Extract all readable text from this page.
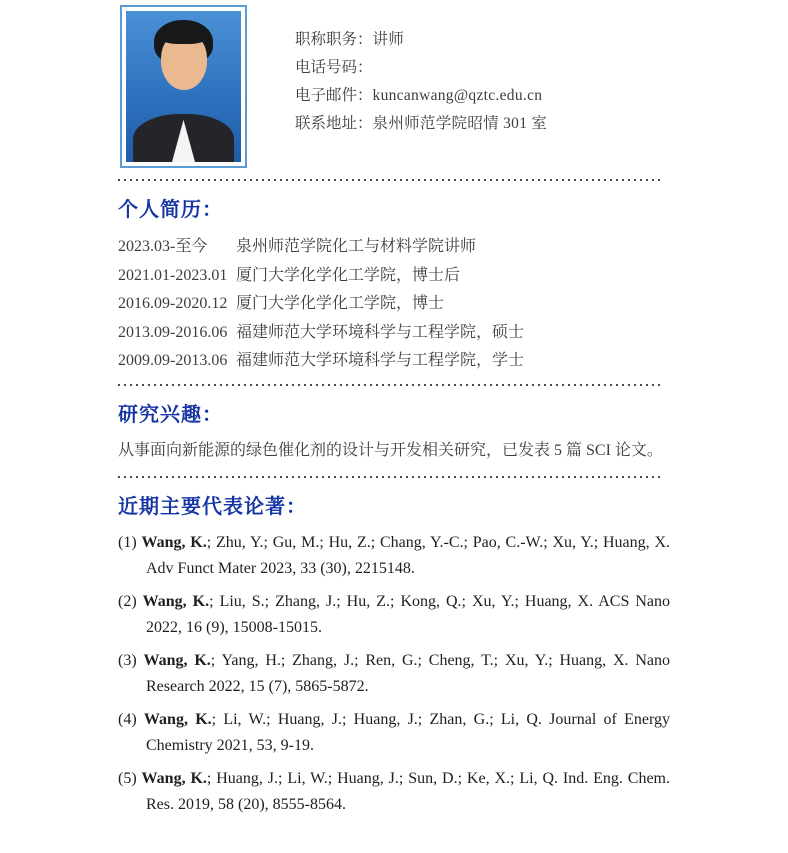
职称职务：讲师
电话号码：
电子邮件：kuncanwang@qztc.edu.cn
联系地址：泉州师范学院昭情 301 室
个人简历：
2023.03-至今	泉州师范学院化工与材料学院讲师
2021.01-2023.01 厦门大学化学化工学院，博士后
2016.09-2020.12 厦门大学化学化工学院，博士
2013.09-2016.06 福建师范大学环境科学与工程学院，硕士
2009.09-2013.06 福建师范大学环境科学与工程学院，学士
研究兴趣：

从事面向新能源的绿色催化剂的设计与开发相关研究，已发表 5 篇 SCI 论文。

近期主要代表论著：
(1) Wang, K.; Zhu, Y.; Gu, M.; Hu, Z.; Chang, Y.-C.; Pao, C.-W.; Xu, Y.; Huang, X. Adv Funct Mater 2023, 33 (30), 2215148.
(2) Wang, K.; Liu, S.; Zhang, J.; Hu, Z.; Kong, Q.; Xu, Y.; Huang, X. ACS Nano 2022, 16 (9), 15008-15015.
(3) Wang, K.; Yang, H.; Zhang, J.; Ren, G.; Cheng, T.; Xu, Y.; Huang, X. Nano Research 2022, 15 (7), 5865-5872.
(4) Wang, K.; Li, W.; Huang, J.; Huang, J.; Zhan, G.; Li, Q. Journal of Energy Chemistry 2021, 53, 9-19.
(5) Wang, K.; Huang, J.; Li, W.; Huang, J.; Sun, D.; Ke, X.; Li, Q. Ind. Eng. Chem. Res. 2019, 58 (20), 8555-8564.
